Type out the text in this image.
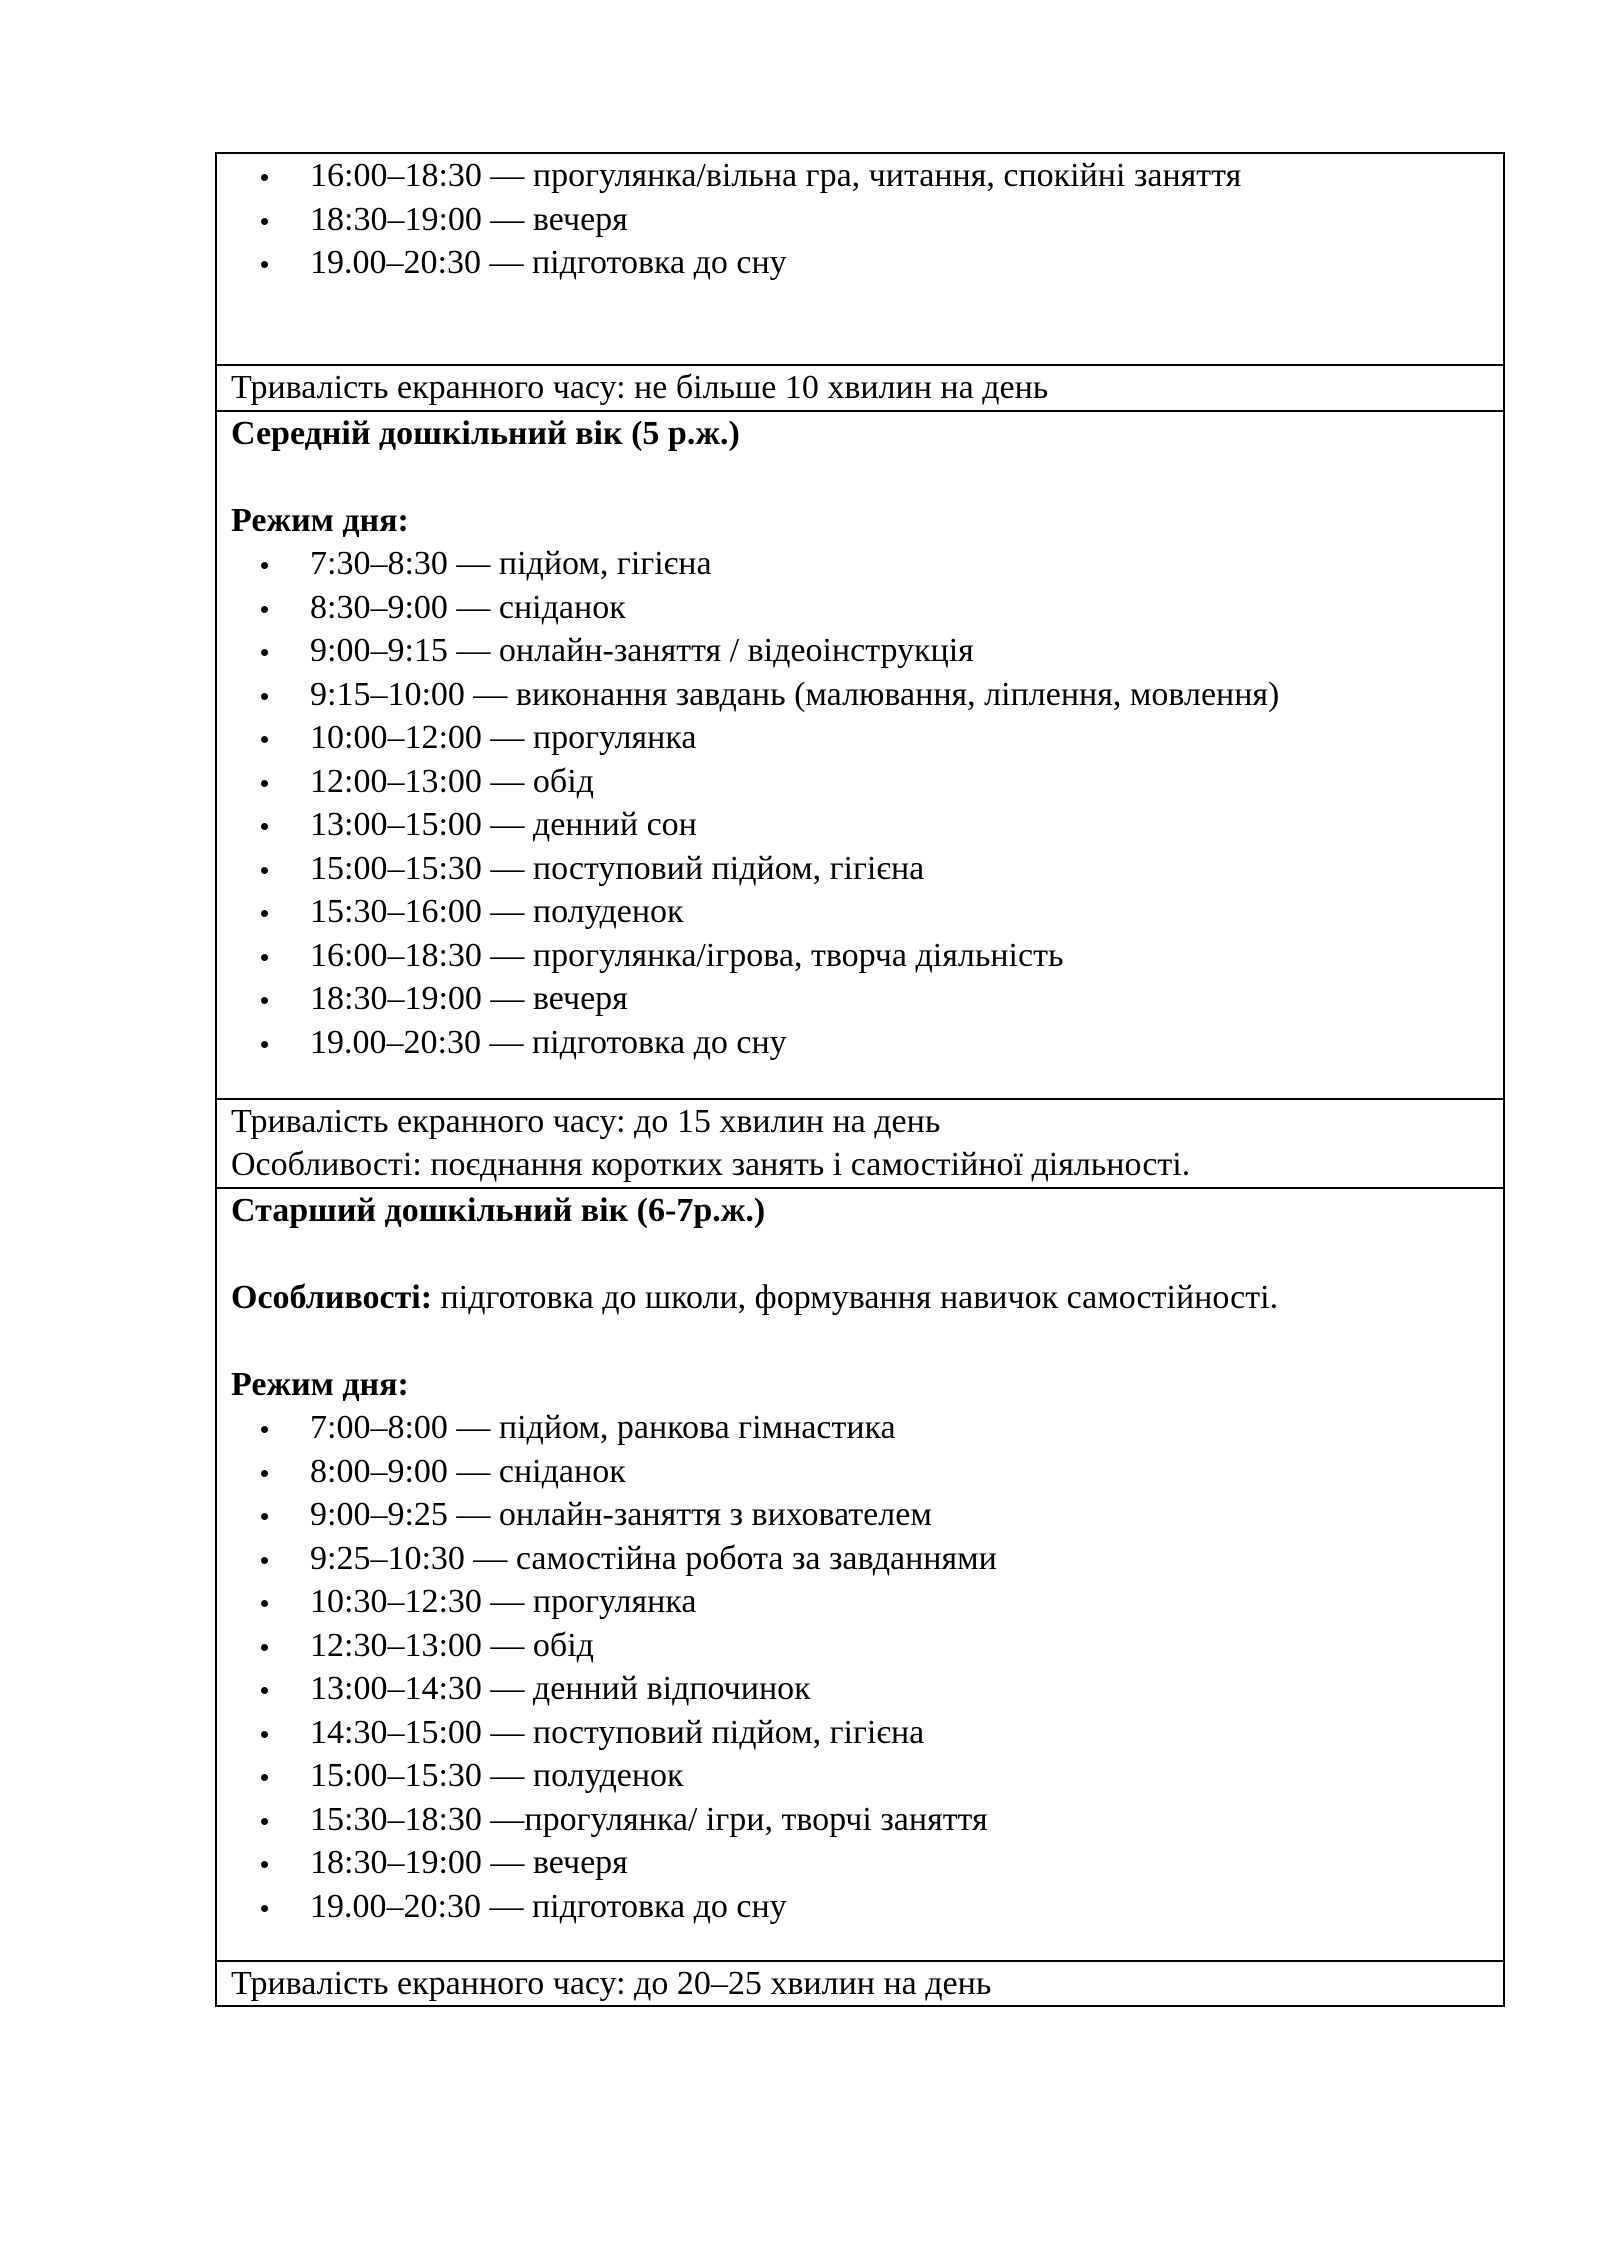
16:00–18:30 — прогулянка/вільна гра, читання, спокійні заняття
18:30–19:00 — вечеря
19.00–20:30 — підготовка до сну

Тривалість екранного часу: не більше 10 хвилин на день

Середній дошкільний вік (5 р.ж.)
Режим дня:
7:30–8:30 — підйом, гігієна
8:30–9:00 — сніданок
9:00–9:15 — онлайн-заняття / відеоінструкція
9:15–10:00 — виконання завдань (малювання, ліплення, мовлення)
10:00–12:00 — прогулянка
12:00–13:00 — обід
13:00–15:00 — денний сон
15:00–15:30 — поступовий підйом, гігієна
15:30–16:00 — полуденок
16:00–18:30 — прогулянка/ігрова, творча діяльність
18:30–19:00 — вечеря
19.00–20:30 — підготовка до сну

Тривалість екранного часу: до 15 хвилин на день
Особливості: поєднання коротких занять і самостійної діяльності.

Старший дошкільний вік (6-7р.ж.)
Особливості: підготовка до школи, формування навичок самостійності.
Режим дня:
7:00–8:00 — підйом, ранкова гімнастика
8:00–9:00 — сніданок
9:00–9:25 — онлайн-заняття з вихователем
9:25–10:30 — самостійна робота за завданнями
10:30–12:30 — прогулянка
12:30–13:00 — обід
13:00–14:30 — денний відпочинок
14:30–15:00 — поступовий підйом, гігієна
15:00–15:30 — полуденок
15:30–18:30 —прогулянка/ ігри, творчі заняття
18:30–19:00 — вечеря
19.00–20:30 — підготовка до сну

Тривалість екранного часу: до 20–25 хвилин на день
